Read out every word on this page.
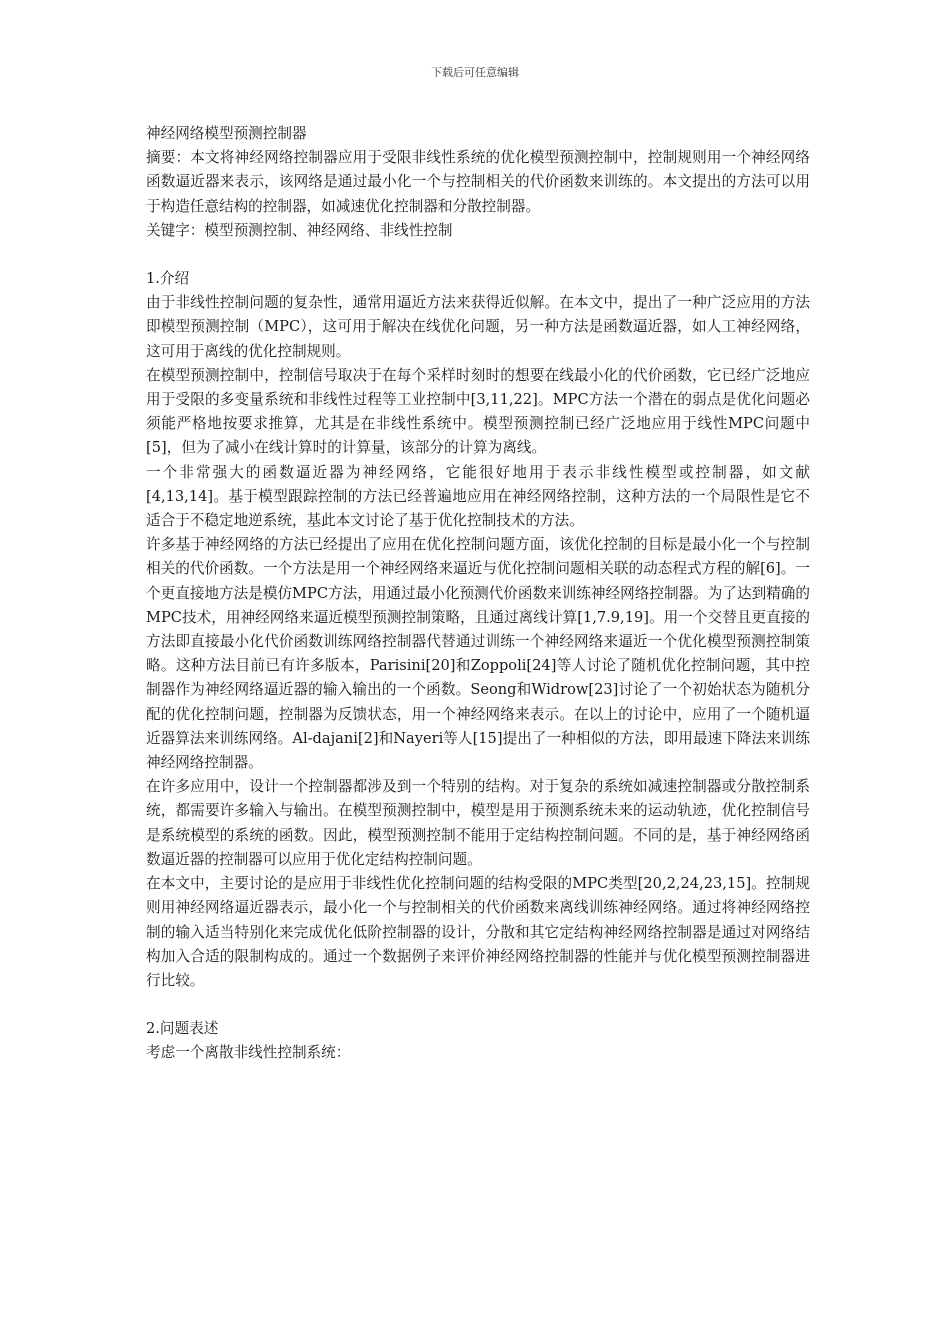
下载后可任意编辑

神经网络模型预测控制器

摘要：本文将神经网络控制器应用于受限非线性系统的优化模型预测控制中，控制规则用一个神经网络函数逼近器来表示，该网络是通过最小化一个与控制相关的代价函数来训练的。本文提出的方法可以用于构造任意结构的控制器，如减速优化控制器和分散控制器。

关键字：模型预测控制、神经网络、非线性控制

1.介绍

由于非线性控制问题的复杂性，通常用逼近方法来获得近似解。在本文中，提出了一种广泛应用的方法即模型预测控制（MPC），这可用于解决在线优化问题，另一种方法是函数逼近器，如人工神经网络，这可用于离线的优化控制规则。

在模型预测控制中，控制信号取决于在每个采样时刻时的想要在线最小化的代价函数，它已经广泛地应用于受限的多变量系统和非线性过程等工业控制中[3,11,22]。MPC方法一个潜在的弱点是优化问题必须能严格地按要求推算，尤其是在非线性系统中。模型预测控制已经广泛地应用于线性MPC问题中[5]，但为了减小在线计算时的计算量，该部分的计算为离线。

一个非常强大的函数逼近器为神经网络，它能很好地用于表示非线性模型或控制器，如文献[4,13,14]。基于模型跟踪控制的方法已经普遍地应用在神经网络控制，这种方法的一个局限性是它不适合于不稳定地逆系统，基此本文讨论了基于优化控制技术的方法。

许多基于神经网络的方法已经提出了应用在优化控制问题方面，该优化控制的目标是最小化一个与控制相关的代价函数。一个方法是用一个神经网络来逼近与优化控制问题相关联的动态程式方程的解[6]。一个更直接地方法是模仿MPC方法，用通过最小化预测代价函数来训练神经网络控制器。为了达到精确的MPC技术，用神经网络来逼近模型预测控制策略，且通过离线计算[1,7.9,19]。用一个交替且更直接的方法即直接最小化代价函数训练网络控制器代替通过训练一个神经网络来逼近一个优化模型预测控制策略。这种方法目前已有许多版本，Parisini[20]和Zoppoli[24]等人讨论了随机优化控制问题，其中控制器作为神经网络逼近器的输入输出的一个函数。Seong和Widrow[23]讨论了一个初始状态为随机分配的优化控制问题，控制器为反馈状态，用一个神经网络来表示。在以上的讨论中，应用了一个随机逼近器算法来训练网络。Al-dajani[2]和Nayeri等人[15]提出了一种相似的方法，即用最速下降法来训练神经网络控制器。

在许多应用中，设计一个控制器都涉及到一个特别的结构。对于复杂的系统如减速控制器或分散控制系统，都需要许多输入与输出。在模型预测控制中，模型是用于预测系统未来的运动轨迹，优化控制信号是系统模型的系统的函数。因此，模型预测控制不能用于定结构控制问题。不同的是，基于神经网络函数逼近器的控制器可以应用于优化定结构控制问题。

在本文中，主要讨论的是应用于非线性优化控制问题的结构受限的MPC类型[20,2,24,23,15]。控制规则用神经网络逼近器表示，最小化一个与控制相关的代价函数来离线训练神经网络。通过将神经网络控制的输入适当特别化来完成优化低阶控制器的设计，分散和其它定结构神经网络控制器是通过对网络结构加入合适的限制构成的。通过一个数据例子来评价神经网络控制器的性能并与优化模型预测控制器进行比较。

2.问题表述

考虑一个离散非线性控制系统：
